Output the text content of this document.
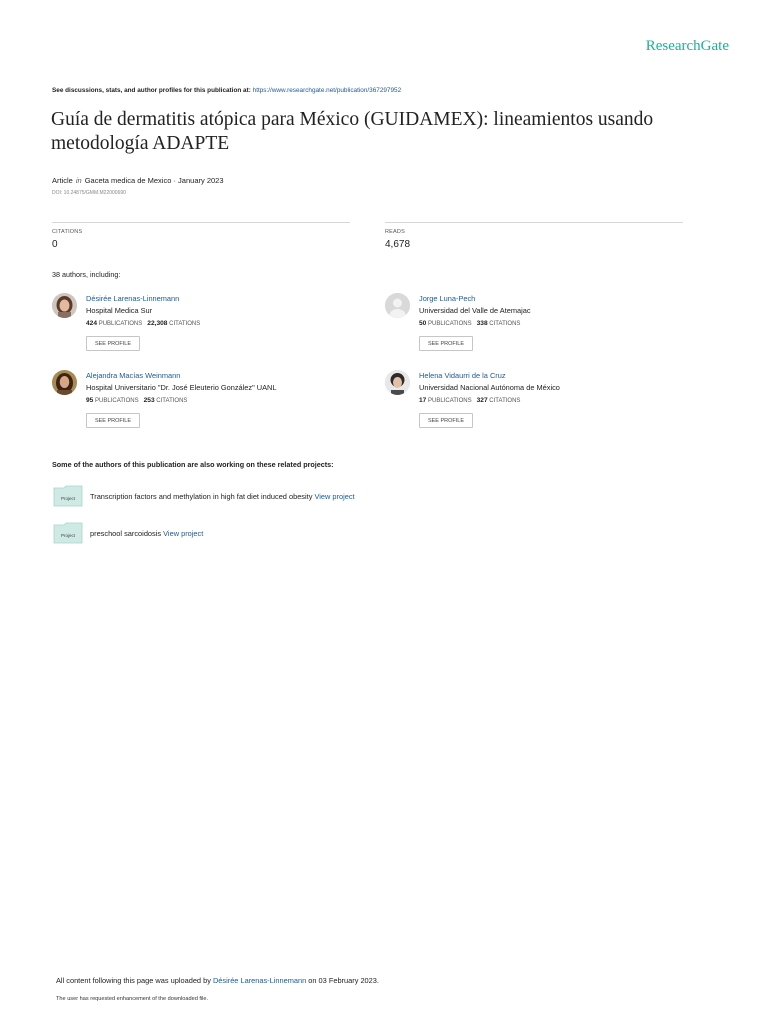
ResearchGate
See discussions, stats, and author profiles for this publication at: https://www.researchgate.net/publication/367297952
Guía de dermatitis atópica para México (GUIDAMEX): lineamientos usando metodología ADAPTE
Article in Gaceta medica de Mexico · January 2023
DOI: 10.24875/GMM.M22000690
CITATIONS
0
READS
4,678
38 authors, including:
Désirée Larenas-Linnemann
Hospital Medica Sur
424 PUBLICATIONS 22,308 CITATIONS
SEE PROFILE
Jorge Luna-Pech
Universidad del Valle de Atemajac
50 PUBLICATIONS 338 CITATIONS
SEE PROFILE
Alejandra Macías Weinmann
Hospital Universitario "Dr. José Eleuterio González" UANL
95 PUBLICATIONS 253 CITATIONS
SEE PROFILE
Helena Vidaurri de la Cruz
Universidad Nacional Autónoma de México
17 PUBLICATIONS 327 CITATIONS
SEE PROFILE
Some of the authors of this publication are also working on these related projects:
Project Transcription factors and methylation in high fat diet induced obesity View project
Project preschool sarcoidosis View project
All content following this page was uploaded by Désirée Larenas-Linnemann on 03 February 2023.
The user has requested enhancement of the downloaded file.
